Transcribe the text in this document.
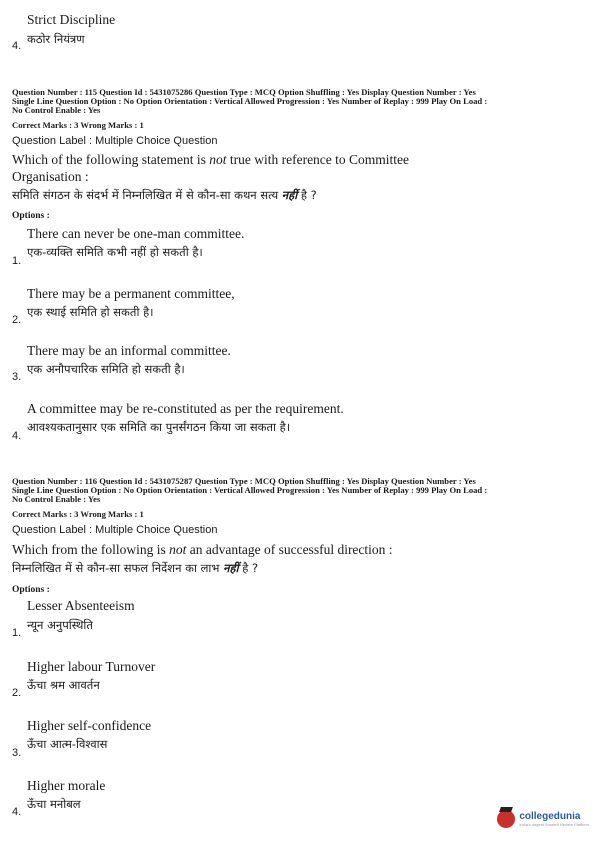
Strict Discipline
4. कठोर नियंत्रण
Question Number : 115 Question Id : 5431075286 Question Type : MCQ Option Shuffling : Yes Display Question Number : Yes
Single Line Question Option : No Option Orientation : Vertical Allowed Progression : Yes Number of Replay : 999 Play On Load :
No Control Enable : Yes
Correct Marks : 3 Wrong Marks : 1
Question Label : Multiple Choice Question
Which of the following statement is not true with reference to Committee
Organisation :
समिति संगठन के संदर्भ में निम्नलिखित में से कौन-सा कथन सत्य नहीं है ?
Options :
There can never be one-man committee.
एक-व्यक्ति समिति कभी नहीं हो सकती है।
1.
There may be a permanent committee,
एक स्थाई समिति हो सकती है।
2.
There may be an informal committee.
एक अनौपचारिक समिति हो सकती है।
3.
A committee may be re-constituted as per the requirement.
आवश्यकतानुसार एक समिति का पुनर्संगठन किया जा सकता है।
4.
Question Number : 116 Question Id : 5431075287 Question Type : MCQ Option Shuffling : Yes Display Question Number : Yes
Single Line Question Option : No Option Orientation : Vertical Allowed Progression : Yes Number of Replay : 999 Play On Load :
No Control Enable : Yes
Correct Marks : 3 Wrong Marks : 1
Question Label : Multiple Choice Question
Which from the following is not an advantage of successful direction :
निम्नलिखित में से कौन-सा सफल निर्देशन का लाभ नहीं है ?
Options :
Lesser Absenteeism
न्यून अनुपस्थिति
1.
Higher labour Turnover
ऊँचा श्रम आवर्तन
2.
Higher self-confidence
ऊँचा आत्म-विश्वास
3.
Higher morale
ऊँचा मनोबल
4.	collegedunia
India's largest Student Review Platform
